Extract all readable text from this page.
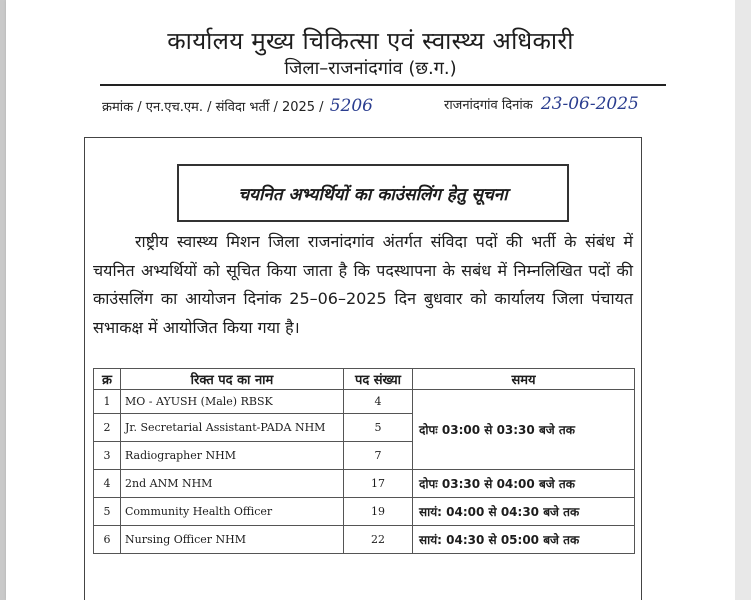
कार्यालय मुख्य चिकित्सा एवं स्वास्थ्य अधिकारी
जिला–राजनांदगांव (छ.ग.)
क्रमांक / एन.एच.एम. / संविदा भर्ती / 2025 / 5206	राजनांदगांव दिनांक 23-06-2025
चयनित अभ्यर्थियों का काउंसलिंग हेतु सूचना
राष्ट्रीय स्वास्थ्य मिशन जिला राजनांदगांव अंतर्गत संविदा पदों की भर्ती के संबंध में चयनित अभ्यर्थियों को सूचित किया जाता है कि पदस्थापना के सबंध में निम्नलिखित पदों की काउंसलिंग का आयोजन दिनांक 25–06–2025 दिन बुधवार को कार्यालय जिला पंचायत सभाकक्ष में आयोजित किया गया है।
क्र	रिक्त पद का नाम	पद संख्या	समय
1	MO - AYUSH (Male) RBSK	4	दोपः 03:00 से 03:30 बजे तक
2	Jr. Secretarial Assistant-PADA NHM	5	
3	Radiographer NHM	7	
4	2nd ANM NHM	17	दोपः 03:30 से 04:00 बजे तक
5	Community Health Officer	19	सायं: 04:00 से 04:30 बजे तक
6	Nursing Officer NHM	22	सायं: 04:30 से 05:00 बजे तक
